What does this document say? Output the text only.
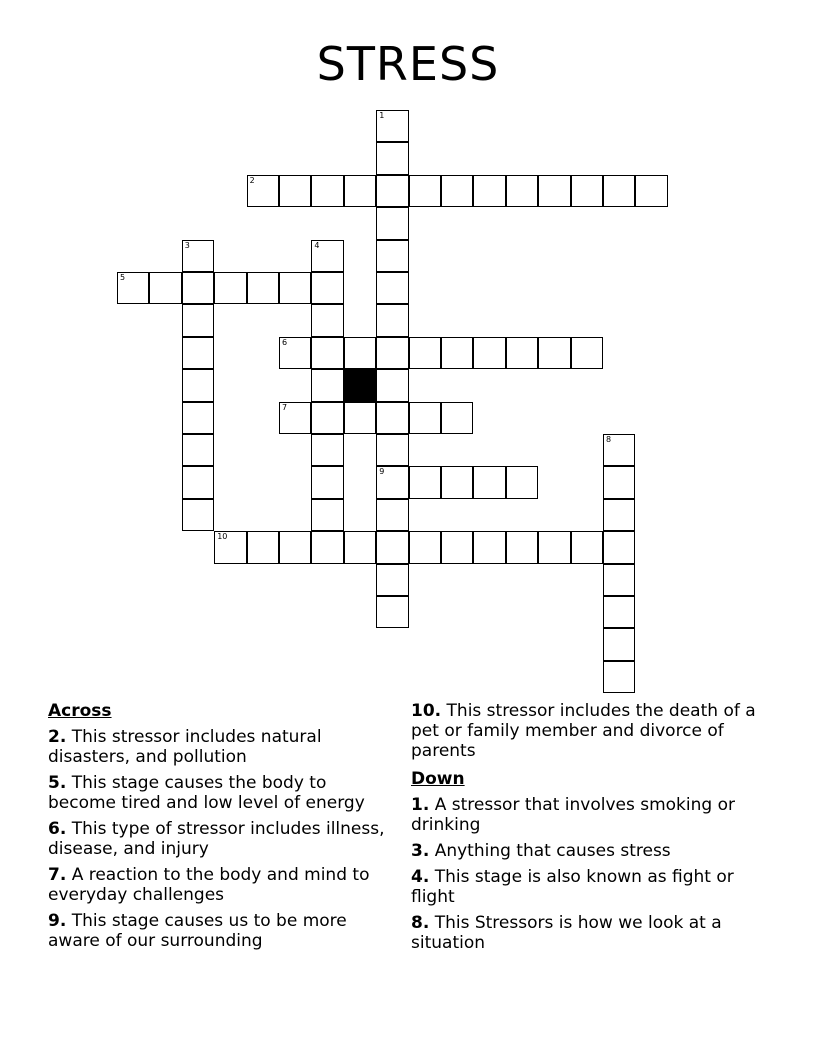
STRESS
1
9
2
3	4
5
6
7
8
10
Across
2. This stressor includes natural disasters, and pollution
5. This stage causes the body to become tired and low level of energy
6. This type of stressor includes illness, disease, and injury
7. A reaction to the body and mind to everyday challenges
9. This stage causes us to be more aware of our surrounding
10. This stressor includes the death of a pet or family member and divorce of parents
Down
1. A stressor that involves smoking or drinking
3. Anything that causes stress
4. This stage is also known as fight or flight
8. This Stressors is how we look at a situation
